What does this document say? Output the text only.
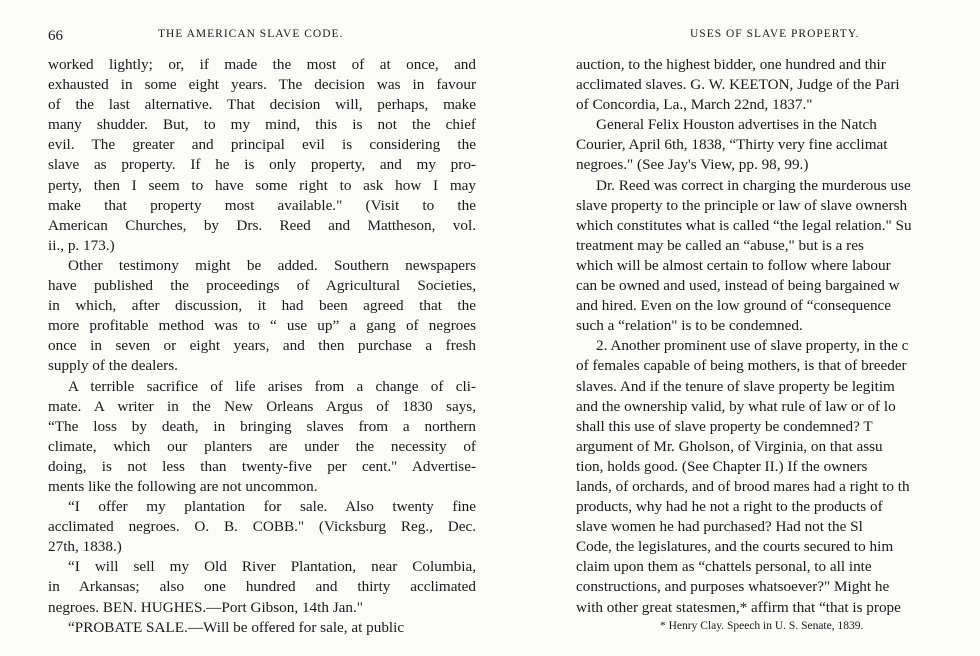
66	THE AMERICAN SLAVE CODE.
worked lightly; or, if made the most of at once, and
exhausted in some eight years. The decision was in favour
of the last alternative. That decision will, perhaps, make
many shudder. But, to my mind, this is not the chief
evil. The greater and principal evil is considering the
slave as property. If he is only property, and my pro-
perty, then I seem to have some right to ask how I may
make that property most available." (Visit to the
American Churches, by Drs. Reed and Mattheson, vol.
ii., p. 173.)
Other testimony might be added. Southern newspapers
have published the proceedings of Agricultural Societies,
in which, after discussion, it had been agreed that the
more profitable method was to “ use up” a gang of negroes
once in seven or eight years, and then purchase a fresh
supply of the dealers.
A terrible sacrifice of life arises from a change of cli-
mate. A writer in the New Orleans Argus of 1830 says,
“The loss by death, in bringing slaves from a northern
climate, which our planters are under the necessity of
doing, is not less than twenty-five per cent." Advertise-
ments like the following are not uncommon.
“I offer my plantation for sale. Also twenty fine
acclimated negroes. O. B. COBB." (Vicksburg Reg., Dec.
27th, 1838.)
“I will sell my Old River Plantation, near Columbia,
in Arkansas; also one hundred and thirty acclimated
negroes. BEN. HUGHES.—Port Gibson, 14th Jan."
“PROBATE SALE.—Will be offered for sale, at public
USES OF SLAVE PROPERTY.
auction, to the highest bidder, one hundred and thir
acclimated slaves. G. W. KEETON, Judge of the Pari
of Concordia, La., March 22nd, 1837."
General Felix Houston advertises in the Natch
Courier, April 6th, 1838, “Thirty very fine acclimat
negroes." (See Jay's View, pp. 98, 99.)
Dr. Reed was correct in charging the murderous use
slave property to the principle or law of slave ownersh
which constitutes what is called “the legal relation." Su
treatment may be called an “abuse," but is a res
which will be almost certain to follow where labour
can be owned and used, instead of being bargained w
and hired. Even on the low ground of “consequence
such a “relation" is to be condemned.
2. Another prominent use of slave property, in the c
of females capable of being mothers, is that of breeder
slaves. And if the tenure of slave property be legitim
and the ownership valid, by what rule of law or of lo
shall this use of slave property be condemned? T
argument of Mr. Gholson, of Virginia, on that assu
tion, holds good. (See Chapter II.) If the owners
lands, of orchards, and of brood mares had a right to th
products, why had he not a right to the products of
slave women he had purchased? Had not the Sl
Code, the legislatures, and the courts secured to him
claim upon them as “chattels personal, to all inte
constructions, and purposes whatsoever?" Might he
with other great statesmen,* affirm that “that is prope
* Henry Clay. Speech in U. S. Senate, 1839.
